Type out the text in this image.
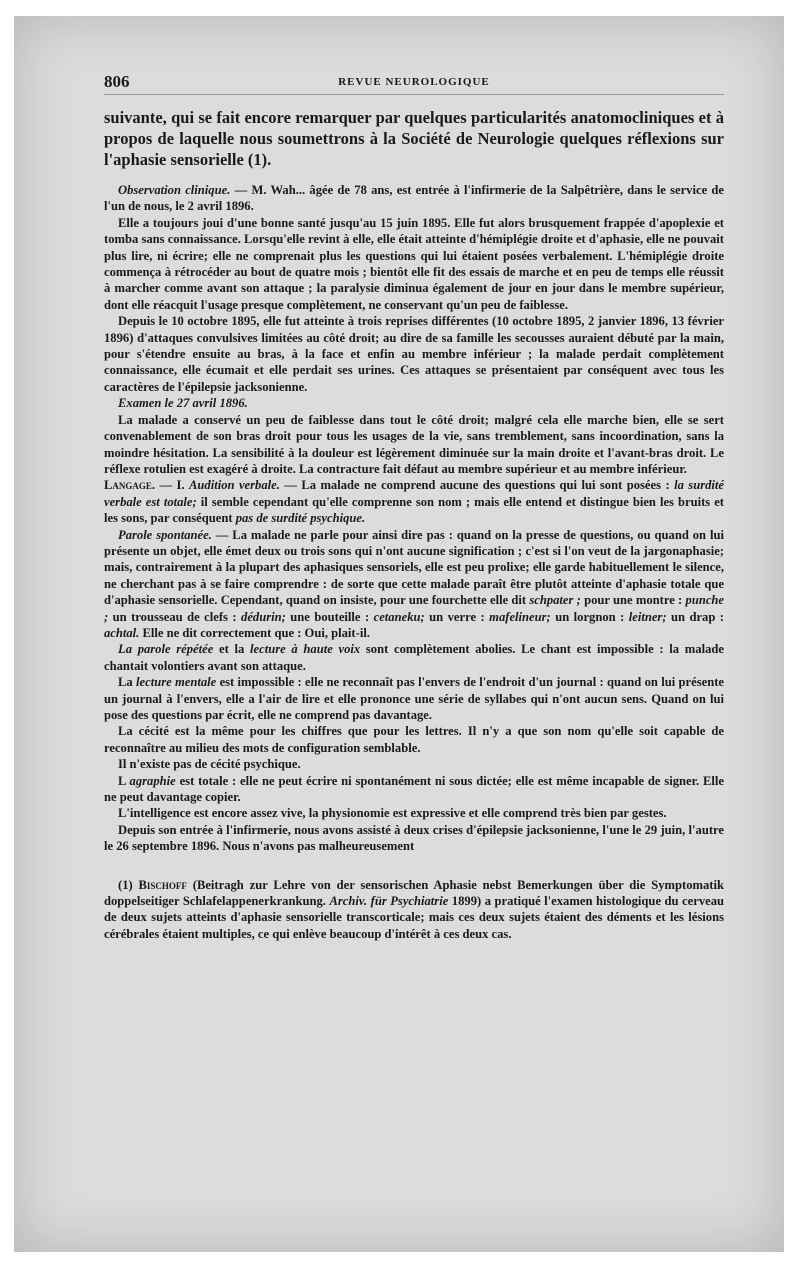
806	REVUE NEUROLOGIQUE
suivante, qui se fait encore remarquer par quelques particularités anatomocliniques et à propos de laquelle nous soumettrons à la Société de Neurologie quelques réflexions sur l'aphasie sensorielle (1).

Observation clinique. — M. Wah... âgée de 78 ans, est entrée à l'infirmerie de la Salpêtrière, dans le service de l'un de nous, le 2 avril 1896.

Elle a toujours joui d'une bonne santé jusqu'au 15 juin 1895. Elle fut alors brusquement frappée d'apoplexie et tomba sans connaissance. Lorsqu'elle revint à elle, elle était atteinte d'hémiplégie droite et d'aphasie, elle ne pouvait plus lire, ni écrire; elle ne comprenait plus les questions qui lui étaient posées verbalement. L'hémiplégie droite commença à rétrocéder au bout de quatre mois ; bientôt elle fit des essais de marche et en peu de temps elle réussit à marcher comme avant son attaque ; la paralysie diminua également de jour en jour dans le membre supérieur, dont elle réacquit l'usage presque complètement, ne conservant qu'un peu de faiblesse.

Depuis le 10 octobre 1895, elle fut atteinte à trois reprises différentes (10 octobre 1895, 2 janvier 1896, 13 février 1896) d'attaques convulsives limitées au côté droit; au dire de sa famille les secousses auraient débuté par la main, pour s'étendre ensuite au bras, à la face et enfin au membre inférieur ; la malade perdait complètement connaissance, elle écumait et elle perdait ses urines. Ces attaques se présentaient par conséquent avec tous les caractères de l'épilepsie jacksonienne.

Examen le 27 avril 1896.

La malade a conservé un peu de faiblesse dans tout le côté droit; malgré cela elle marche bien, elle se sert convenablement de son bras droit pour tous les usages de la vie, sans tremblement, sans incoordination, sans la moindre hésitation. La sensibilité à la douleur est légèrement diminuée sur la main droite et l'avant-bras droit. Le réflexe rotulien est exagéré à droite. La contracture fait défaut au membre supérieur et au membre inférieur.

Langage. — I. Audition verbale. — La malade ne comprend aucune des questions qui lui sont posées : la surdité verbale est totale; il semble cependant qu'elle comprenne son nom ; mais elle entend et distingue bien les bruits et les sons, par conséquent pas de surdité psychique.

Parole spontanée. — La malade ne parle pour ainsi dire pas : quand on la presse de questions, ou quand on lui présente un objet, elle émet deux ou trois sons qui n'ont aucune signification ; c'est si l'on veut de la jargonaphasie; mais, contrairement à la plupart des aphasiques sensoriels, elle est peu prolixe; elle garde habituellement le silence, ne cherchant pas à se faire comprendre : de sorte que cette malade paraît être plutôt atteinte d'aphasie totale que d'aphasie sensorielle. Cependant, quand on insiste, pour une fourchette elle dit schpater ; pour une montre : punche ; un trousseau de clefs : dédurin; une bouteille : cetaneku; un verre : mafelineur; un lorgnon : leitner; un drap : achtal. Elle ne dit correctement que : Oui, plait-il.

La parole répétée et la lecture à haute voix sont complètement abolies. Le chant est impossible : la malade chantait volontiers avant son attaque.

La lecture mentale est impossible : elle ne reconnaît pas l'envers de l'endroit d'un journal : quand on lui présente un journal à l'envers, elle a l'air de lire et elle prononce une série de syllabes qui n'ont aucun sens. Quand on lui pose des questions par écrit, elle ne comprend pas davantage.

La cécité est la même pour les chiffres que pour les lettres. Il n'y a que son nom qu'elle soit capable de reconnaître au milieu des mots de configuration semblable.

Il n'existe pas de cécité psychique.

L agraphie est totale : elle ne peut écrire ni spontanément ni sous dictée; elle est même incapable de signer. Elle ne peut davantage copier.

L'intelligence est encore assez vive, la physionomie est expressive et elle comprend très bien par gestes.

Depuis son entrée à l'infirmerie, nous avons assisté à deux crises d'épilepsie jacksonienne, l'une le 29 juin, l'autre le 26 septembre 1896. Nous n'avons pas malheureusement

(1) Bischoff (Beitragh zur Lehre von der sensorischen Aphasie nebst Bemerkungen über die Symptomatik doppelseitiger Schlafelappenerkrankung. Archiv. für Psychiatrie 1899) a pratiqué l'examen histologique du cerveau de deux sujets atteints d'aphasie sensorielle transcorticale; mais ces deux sujets étaient des déments et les lésions cérébrales étaient multiples, ce qui enlève beaucoup d'intérêt à ces deux cas.
